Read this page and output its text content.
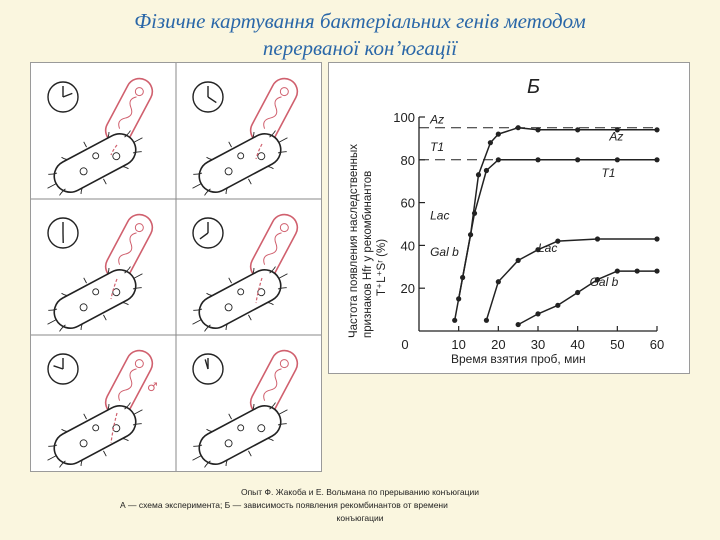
Фізичне картування бактеріальних генів методом
перерваної кон’югації
♂
Б
Частота появления наследственных признаков Hfr у рекомбинантов T⁺L⁺Sʳ (%)
Время взятия проб, мин
20
40
60
80
100
0	10 20 30 40 50 60
Az
Az
T1
T1
Lac
Lac
Gal b
Gal b
Опыт Ф. Жакоба и Е. Вольмана по прерыванию конъюгации
А — схема эксперимента; Б — зависимость появления рекомбинантов от времени
конъюгации
